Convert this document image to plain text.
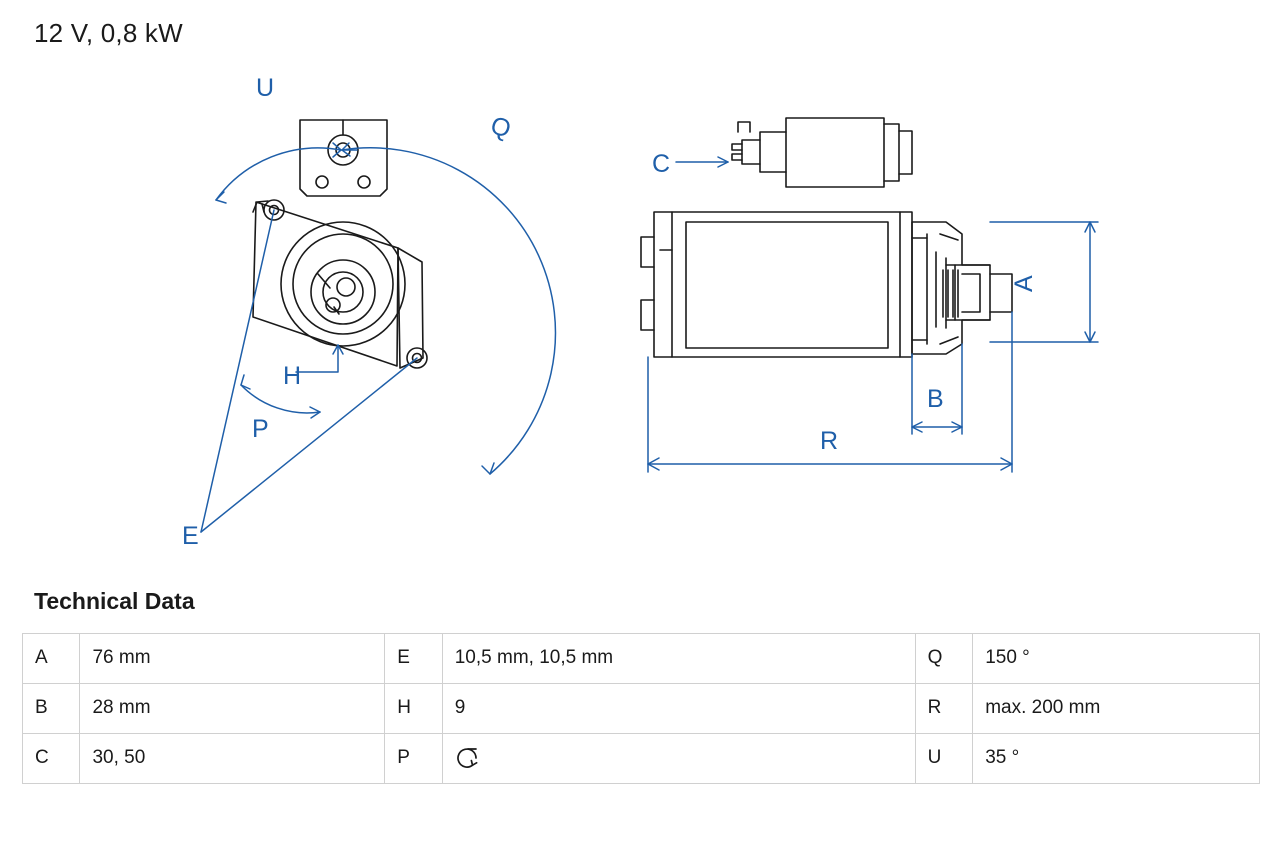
12 V, 0,8 kW
U
Q
H
P
E
C
A
B
R
Technical Data
A	76 mm	E	10,5 mm, 10,5 mm	Q	150 °
B	28 mm	H	9	R	max. 200 mm
C	30, 50	P		U	35 °
